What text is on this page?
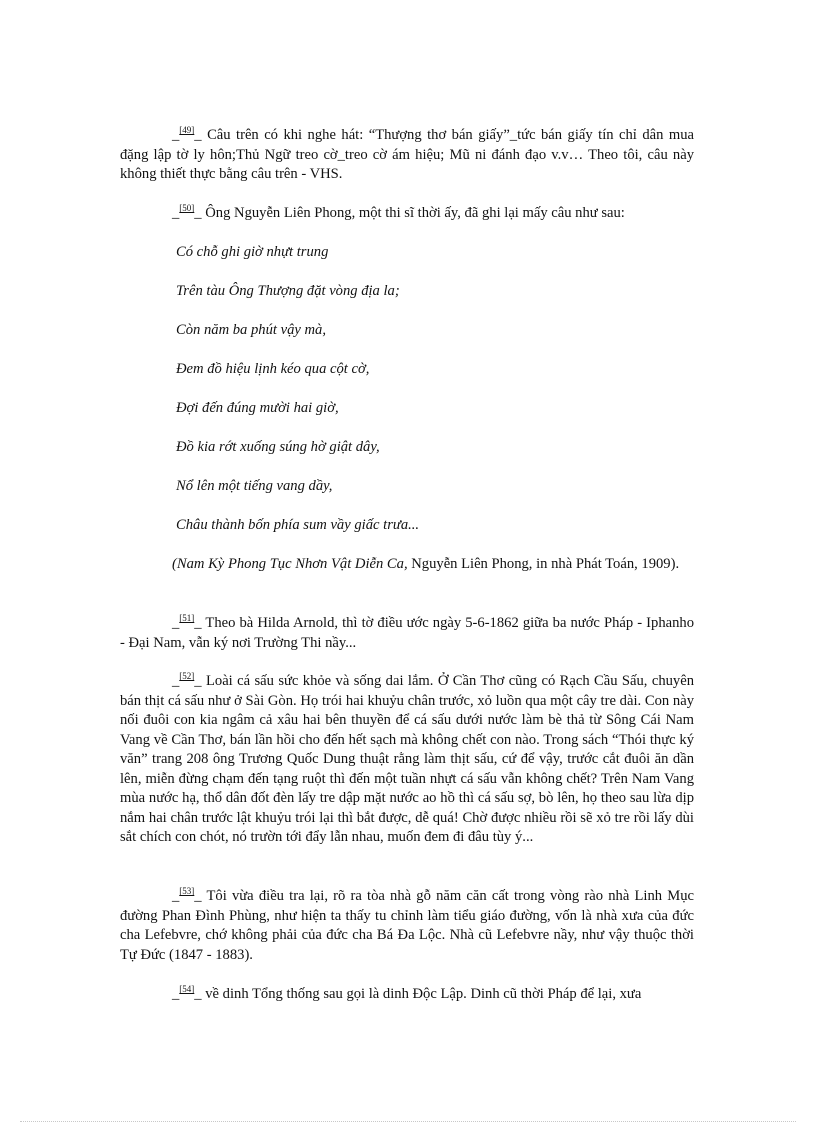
_[49]_ Câu trên có khi nghe hát: “Thượng thơ bán giấy”_tức bán giấy tín chỉ dân mua đặng lập tờ ly hôn;Thủ Ngữ treo cờ_treo cờ ám hiệu; Mũ ni đánh đạo v.v… Theo tôi, câu này không thiết thực bằng câu trên - VHS.

_[50]_ Ông Nguyễn Liên Phong, một thi sĩ thời ấy, đã ghi lại mấy câu như sau:

Có chỗ ghi giờ nhựt trung

Trên tàu Ông Thượng đặt vòng địa la;

Còn năm ba phút vậy mà,

Đem đồ hiệu lịnh kéo qua cột cờ,

Đợi đến đúng mười hai giờ,

Đồ kia rớt xuống súng hờ giật dây,

Nổ lên một tiếng vang dầy,

Châu thành bốn phía sum vầy giấc trưa...

(Nam Kỳ Phong Tục Nhơn Vật Diễn Ca, Nguyễn Liên Phong, in nhà Phát Toán, 1909).

_[51]_ Theo bà Hilda Arnold, thì tờ điều ước ngày 5-6-1862 giữa ba nước Pháp - Iphanho - Đại Nam, vẫn ký nơi Trường Thi nầy...

_[52]_ Loài cá sấu sức khỏe và sống dai lắm. Ở Cần Thơ cũng có Rạch Cầu Sấu, chuyên bán thịt cá sấu như ở Sài Gòn. Họ trói hai khuỷu chân trước, xỏ luồn qua một cây tre dài. Con này nối đuôi con kia ngâm cả xâu hai bên thuyền để cá sấu dưới nước làm bè thả từ Sông Cái Nam Vang về Cần Thơ, bán lần hồi cho đến hết sạch mà không chết con nào. Trong sách “Thói thực ký văn” trang 208 ông Trương Quốc Dung thuật rằng làm thịt sấu, cứ để vậy, trước cắt đuôi ăn dần lên, miễn đừng chạm đến tạng ruột thì đến một tuần nhựt cá sấu vẫn không chết? Trên Nam Vang mùa nước hạ, thổ dân đốt đèn lấy tre dập mặt nước ao hồ thì cá sấu sợ, bò lên, họ theo sau lừa dịp nắm hai chân trước lật khuỷu trói lại thì bắt được, dễ quá! Chờ được nhiều rồi sẽ xỏ tre rồi lấy dùi sắt chích con chót, nó trườn tới đẩy lẫn nhau, muốn đem đi đâu tùy ý...

_[53]_ Tôi vừa điều tra lại, rõ ra tòa nhà gỗ năm căn cất trong vòng rào nhà Linh Mục đường Phan Đình Phùng, như hiện ta thấy tu chỉnh làm tiểu giáo đường, vốn là nhà xưa của đức cha Lefebvre, chớ không phải của đức cha Bá Đa Lộc. Nhà cũ Lefebvre nầy, như vậy thuộc thời Tự Đức (1847 - 1883).

_[54]_ về dinh Tổng thống sau gọi là dinh Độc Lập. Dinh cũ thời Pháp để lại, xưa
